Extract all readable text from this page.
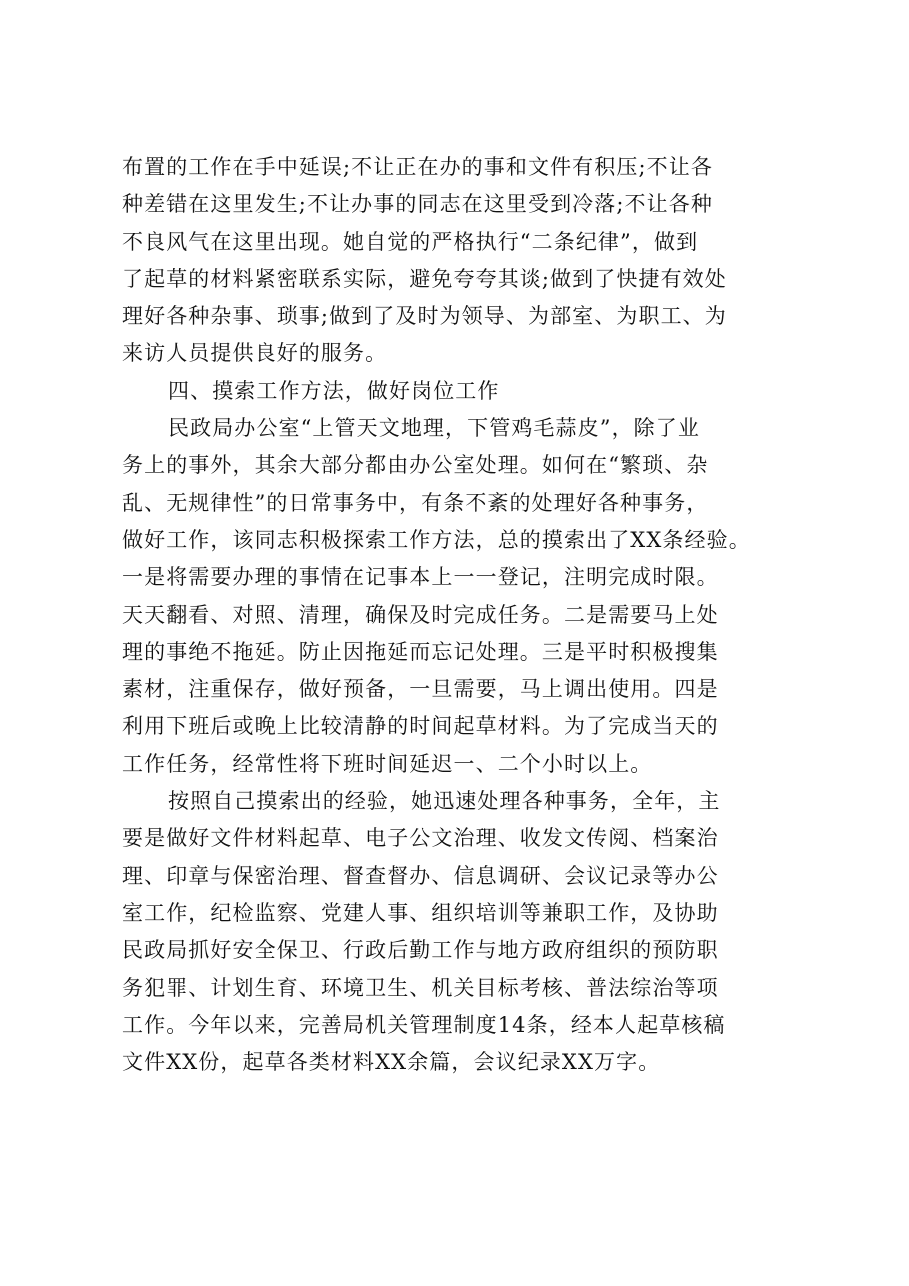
布置的工作在手中延误;不让正在办的事和文件有积压;不让各
种差错在这里发生;不让办事的同志在这里受到冷落;不让各种
不良风气在这里出现。她自觉的严格执行“二条纪律”，做到
了起草的材料紧密联系实际，避免夸夸其谈;做到了快捷有效处
理好各种杂事、琐事;做到了及时为领导、为部室、为职工、为
来访人员提供良好的服务。
四、摸索工作方法，做好岗位工作
民政局办公室“上管天文地理，下管鸡毛蒜皮”，除了业
务上的事外，其余大部分都由办公室处理。如何在“繁琐、杂
乱、无规律性”的日常事务中，有条不紊的处理好各种事务，
做好工作，该同志积极探索工作方法，总的摸索出了XX条经验。
一是将需要办理的事情在记事本上一一登记，注明完成时限。
天天翻看、对照、清理，确保及时完成任务。二是需要马上处
理的事绝不拖延。防止因拖延而忘记处理。三是平时积极搜集
素材，注重保存，做好预备，一旦需要，马上调出使用。四是
利用下班后或晚上比较清静的时间起草材料。为了完成当天的
工作任务，经常性将下班时间延迟一、二个小时以上。
按照自己摸索出的经验，她迅速处理各种事务，全年，主
要是做好文件材料起草、电子公文治理、收发文传阅、档案治
理、印章与保密治理、督查督办、信息调研、会议记录等办公
室工作，纪检监察、党建人事、组织培训等兼职工作，及协助
民政局抓好安全保卫、行政后勤工作与地方政府组织的预防职
务犯罪、计划生育、环境卫生、机关目标考核、普法综治等项
工作。今年以来，完善局机关管理制度14条，经本人起草核稿
文件XX份，起草各类材料XX余篇，会议纪录XX万字。
